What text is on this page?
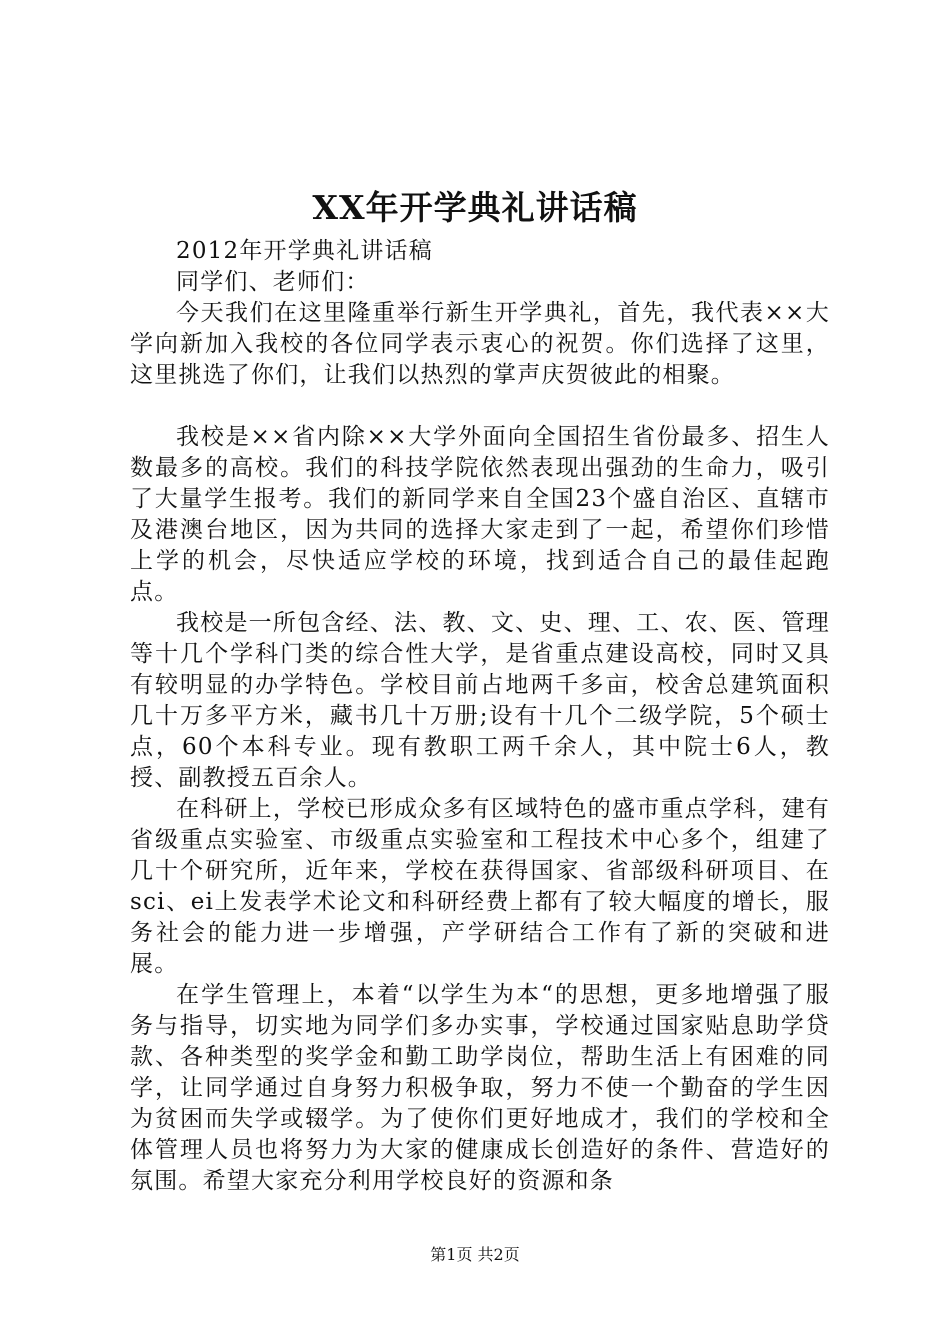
XX年开学典礼讲话稿

2012年开学典礼讲话稿

同学们、老师们：

今天我们在这里隆重举行新生开学典礼，首先，我代表××大学向新加入我校的各位同学表示衷心的祝贺。你们选择了这里，这里挑选了你们，让我们以热烈的掌声庆贺彼此的相聚。

我校是××省内除××大学外面向全国招生省份最多、招生人数最多的高校。我们的科技学院依然表现出强劲的生命力，吸引了大量学生报考。我们的新同学来自全国23个盛自治区、直辖市及港澳台地区，因为共同的选择大家走到了一起，希望你们珍惜上学的机会，尽快适应学校的环境，找到适合自己的最佳起跑点。

我校是一所包含经、法、教、文、史、理、工、农、医、管理等十几个学科门类的综合性大学，是省重点建设高校，同时又具有较明显的办学特色。学校目前占地两千多亩，校舍总建筑面积几十万多平方米，藏书几十万册;设有十几个二级学院，5个硕士点，60个本科专业。现有教职工两千余人，其中院士6人，教授、副教授五百余人。

在科研上，学校已形成众多有区域特色的盛市重点学科，建有省级重点实验室、市级重点实验室和工程技术中心多个，组建了几十个研究所，近年来，学校在获得国家、省部级科研项目、在sci、ei上发表学术论文和科研经费上都有了较大幅度的增长，服务社会的能力进一步增强，产学研结合工作有了新的突破和进展。

在学生管理上，本着“以学生为本“的思想，更多地增强了服务与指导，切实地为同学们多办实事，学校通过国家贴息助学贷款、各种类型的奖学金和勤工助学岗位，帮助生活上有困难的同学，让同学通过自身努力积极争取，努力不使一个勤奋的学生因为贫困而失学或辍学。为了使你们更好地成才，我们的学校和全体管理人员也将努力为大家的健康成长创造好的条件、营造好的氛围。希望大家充分利用学校良好的资源和条

第1页 共2页
